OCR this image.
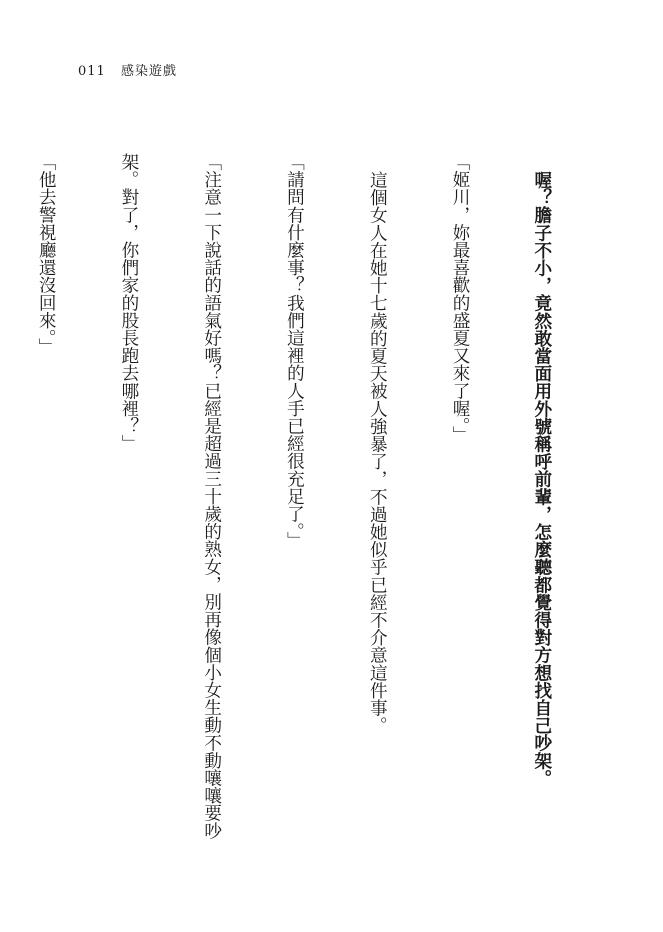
011 感染遊戲

喔？膽子不小，竟然敢當面用外號稱呼前輩，怎麼聽都覺得對方想找自己吵架。

「姬川，妳最喜歡的盛夏又來了喔。」

這個女人在她十七歲的夏天被人強暴了，不過她似乎已經不介意這件事。

「請問有什麼事？我們這裡的人手已經很充足了。」

「注意一下說話的語氣好嗎？已經是超過三十歲的熟女，別再像個小女生動不動嚷嚷要吵

架。對了，你們家的股長跑去哪裡？」

「他去警視廳還沒回來。」
